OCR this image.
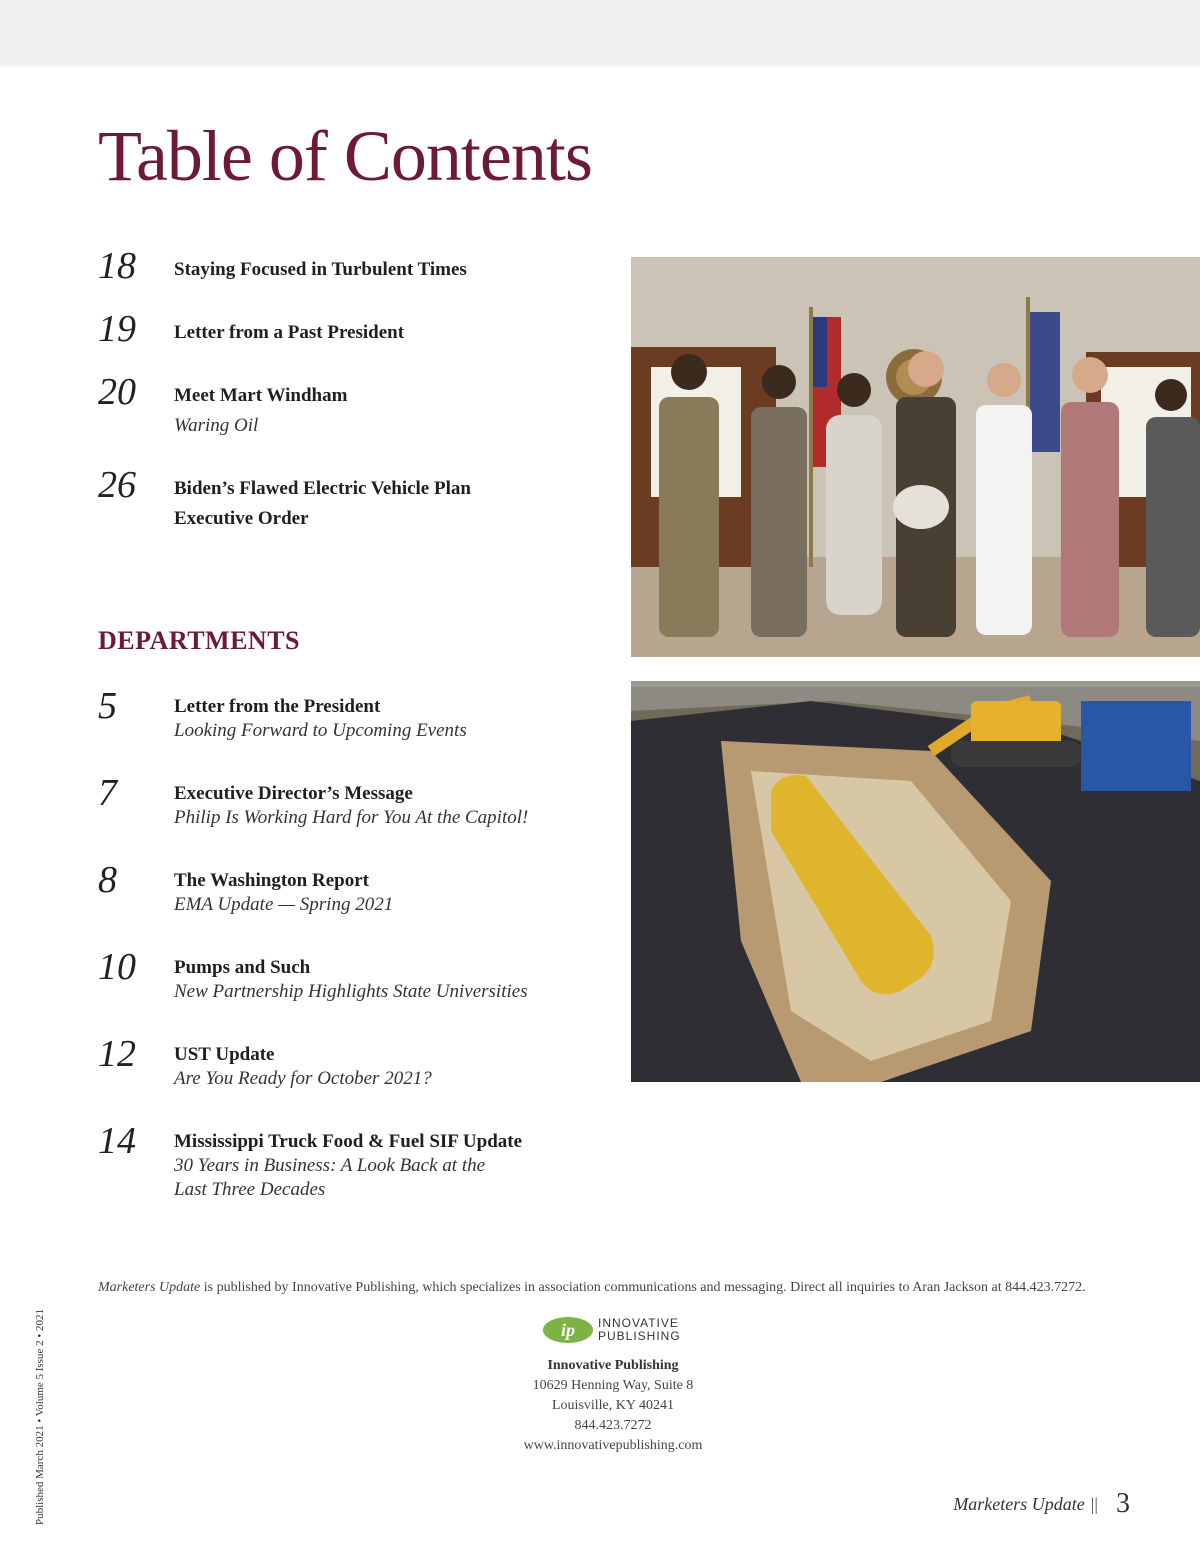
Table of Contents
18 Staying Focused in Turbulent Times
19 Letter from a Past President
20 Meet Mart Windham
Waring Oil
26 Biden’s Flawed Electric Vehicle Plan
Executive Order
DEPARTMENTS
5	Letter from the President
Looking Forward to Upcoming Events
7	Executive Director’s Message
Philip Is Working Hard for You At the Capitol!
8	The Washington Report
EMA Update — Spring 2021
10 Pumps and Such
New Partnership Highlights State Universities
12 UST Update
Are You Ready for October 2021?
14 Mississippi Truck Food & Fuel SIF Update
30 Years in Business: A Look Back at the
Last Three Decades
Published March 2021 • Volume 5 Issue 2 • 2021
Marketers Update is published by Innovative Publishing, which specializes in association communications and messaging. Direct all inquiries to Aran Jackson at 844.423.7272.
ip INNOVATIVE
PUBLISHING
Innovative Publishing
10629 Henning Way, Suite 8
Louisville, KY 40241
844.423.7272
www.innovativepublishing.com
Marketers Update || 3
